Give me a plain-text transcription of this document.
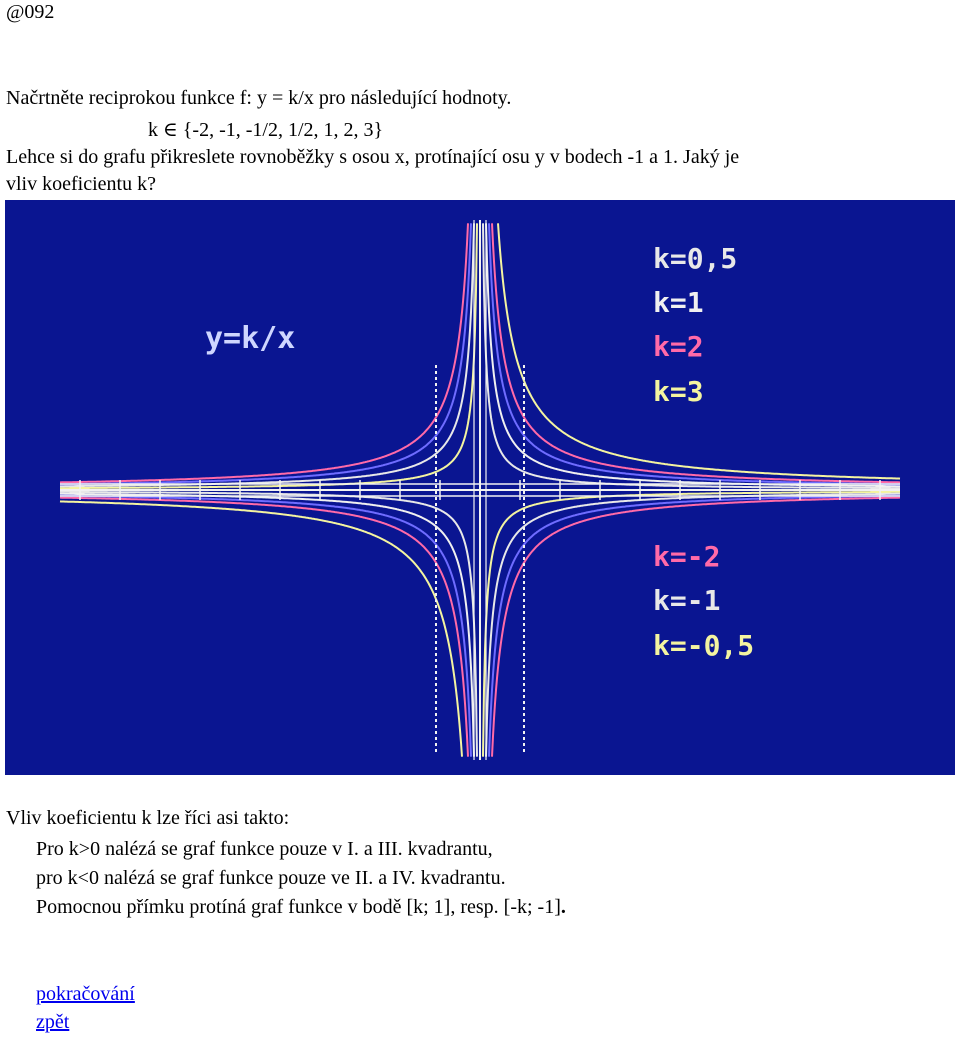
@092
Načrtněte reciprokou funkce f: y = k/x pro následující hodnoty.
k ∈ {-2, -1, -1/2, 1/2, 1, 2, 3}
Lehce si do grafu přikreslete rovnoběžky s osou x, protínající osu y v bodech -1 a 1. Jaký je
vliv koeficientu k?
y=k/x
k=0,5
k=1
k=2
k=3
k=-2
k=-1
k=-0,5
Vliv koeficientu k lze říci asi takto:
Pro k>0 nalézá se graf funkce pouze v I. a III. kvadrantu,
pro k<0 nalézá se graf funkce pouze ve II. a IV. kvadrantu.
Pomocnou přímku protíná graf funkce v bodě [k; 1], resp. [-k; -1].
pokračování
zpět
